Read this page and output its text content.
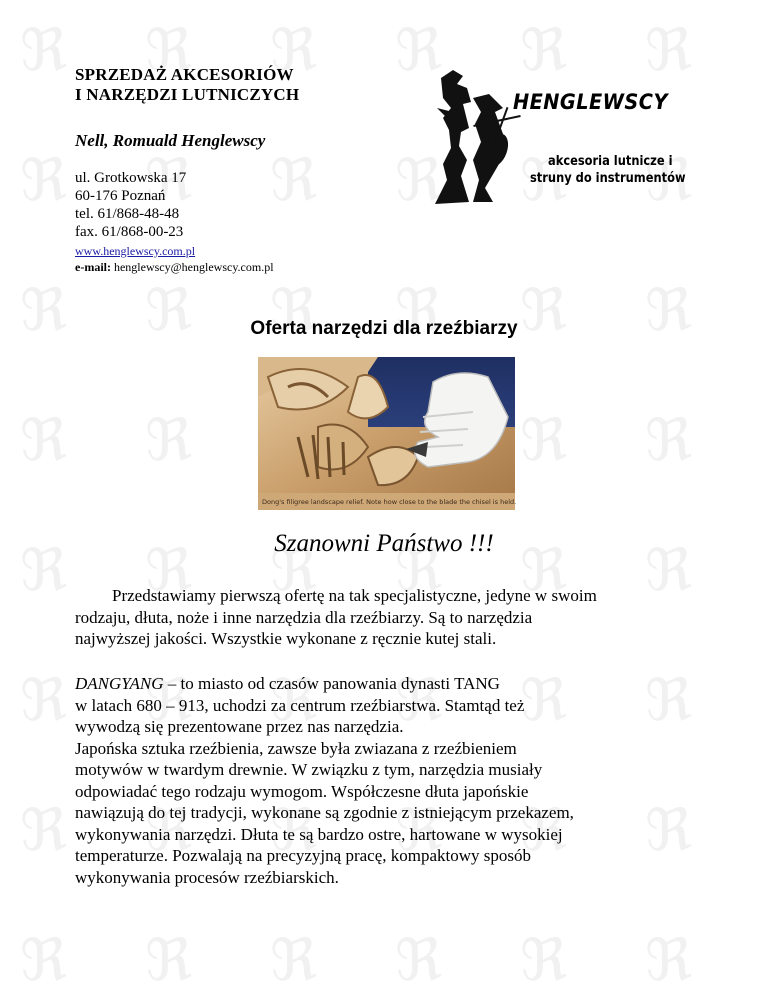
SPRZEDAŻ AKCESORIÓW
I NARZĘDZI LUTNICZYCH
Nell, Romuald Henglewscy
ul. Grotkowska 17
60-176 Poznań
tel. 61/868-48-48
fax. 61/868-00-23
www.henglewscy.com.pl
e-mail: henglewscy@henglewscy.com.pl
HENGLEWSCY
akcesoria lutnicze i
struny do instrumentów
Oferta narzędzi dla rzeźbiarzy
Dong's filigree landscape relief. Note how close to the blade the chisel is held.
Szanowni Państwo !!!
Przedstawiamy pierwszą ofertę na tak specjalistyczne, jedyne w swoim
rodzaju, dłuta, noże i inne narzędzia dla rzeźbiarzy. Są to narzędzia
najwyższej jakości. Wszystkie wykonane z ręcznie kutej stali.
DANGYANG – to miasto od czasów panowania dynasti TANG
w latach 680 – 913, uchodzi za centrum rzeźbiarstwa. Stamtąd też
wywodzą się prezentowane przez nas narzędzia.
Japońska sztuka rzeźbienia, zawsze była zwiazana z rzeźbieniem
motywów w twardym drewnie. W związku z tym, narzędzia musiały
odpowiadać tego rodzaju wymogom. Współczesne dłuta japońskie
nawiązują do tej tradycji, wykonane są zgodnie z istniejącym przekazem,
wykonywania narzędzi. Dłuta te są bardzo ostre, hartowane w wysokiej
temperaturze. Pozwalają na precyzyjną pracę, kompaktowy sposób
wykonywania procesów rzeźbiarskich.
